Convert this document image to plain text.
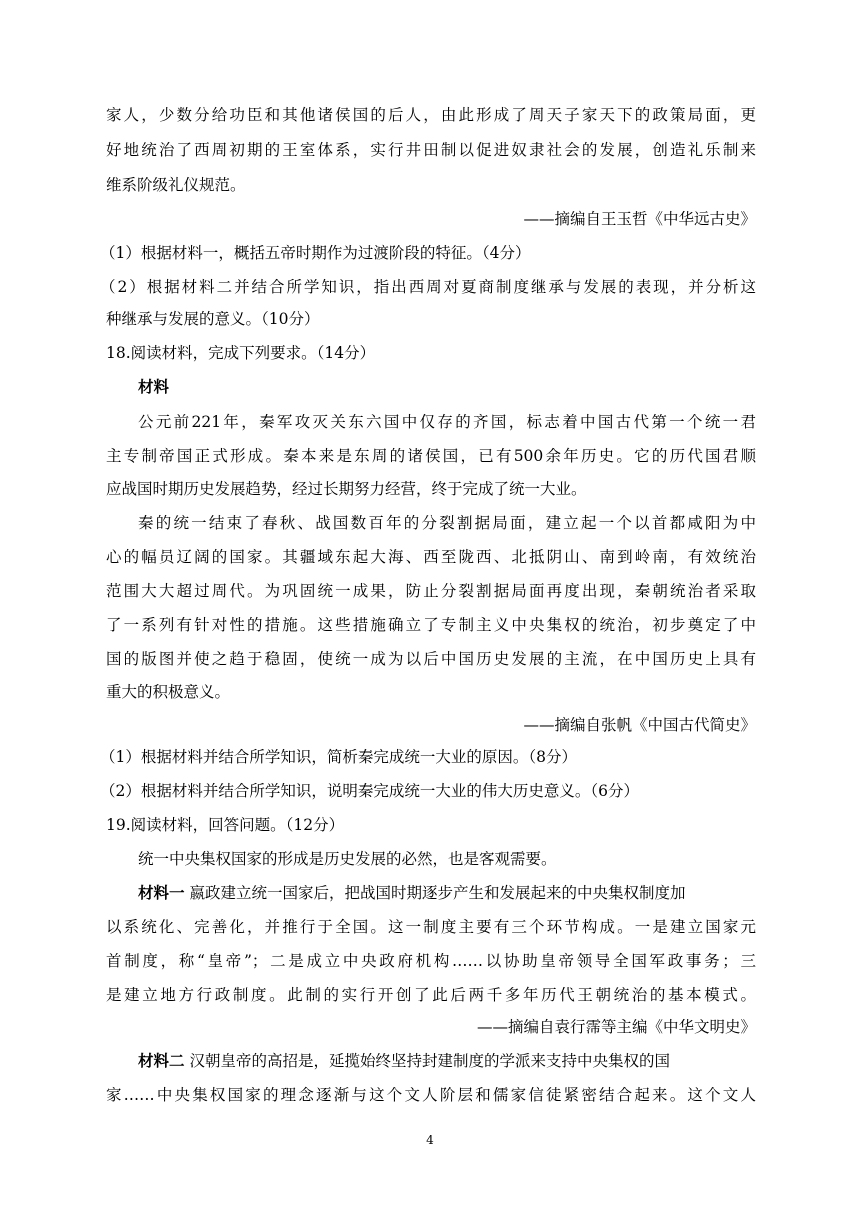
家人，少数分给功臣和其他诸侯国的后人，由此形成了周天子家天下的政策局面，更
好地统治了西周初期的王室体系，实行井田制以促进奴隶社会的发展，创造礼乐制来
维系阶级礼仪规范。
——摘编自王玉哲《中华远古史》
（1）根据材料一，概括五帝时期作为过渡阶段的特征。（4分）
（2）根据材料二并结合所学知识，指出西周对夏商制度继承与发展的表现，并分析这
种继承与发展的意义。（10分）
18.阅读材料，完成下列要求。（14分）
材料
公元前221年，秦军攻灭关东六国中仅存的齐国，标志着中国古代第一个统一君
主专制帝国正式形成。秦本来是东周的诸侯国，已有500余年历史。它的历代国君顺
应战国时期历史发展趋势，经过长期努力经营，终于完成了统一大业。
秦的统一结束了春秋、战国数百年的分裂割据局面，建立起一个以首都咸阳为中
心的幅员辽阔的国家。其疆域东起大海、西至陇西、北抵阴山、南到岭南，有效统治
范围大大超过周代。为巩固统一成果，防止分裂割据局面再度出现，秦朝统治者采取
了一系列有针对性的措施。这些措施确立了专制主义中央集权的统治，初步奠定了中
国的版图并使之趋于稳固，使统一成为以后中国历史发展的主流，在中国历史上具有
重大的积极意义。
——摘编自张帆《中国古代简史》
（1）根据材料并结合所学知识，简析秦完成统一大业的原因。（8分）
（2）根据材料并结合所学知识，说明秦完成统一大业的伟大历史意义。（6分）
19.阅读材料，回答问题。（12分）
统一中央集权国家的形成是历史发展的必然，也是客观需要。
材料一 嬴政建立统一国家后，把战国时期逐步产生和发展起来的中央集权制度加
以系统化、完善化，并推行于全国。这一制度主要有三个环节构成。一是建立国家元
首制度，称“皇帝”；二是成立中央政府机构……以协助皇帝领导全国军政事务；三
是建立地方行政制度。此制的实行开创了此后两千多年历代王朝统治的基本模式。
——摘编自袁行霈等主编《中华文明史》
材料二 汉朝皇帝的高招是，延揽始终坚持封建制度的学派来支持中央集权的国
家……中央集权国家的理念逐渐与这个文人阶层和儒家信徒紧密结合起来。这个文人
4
